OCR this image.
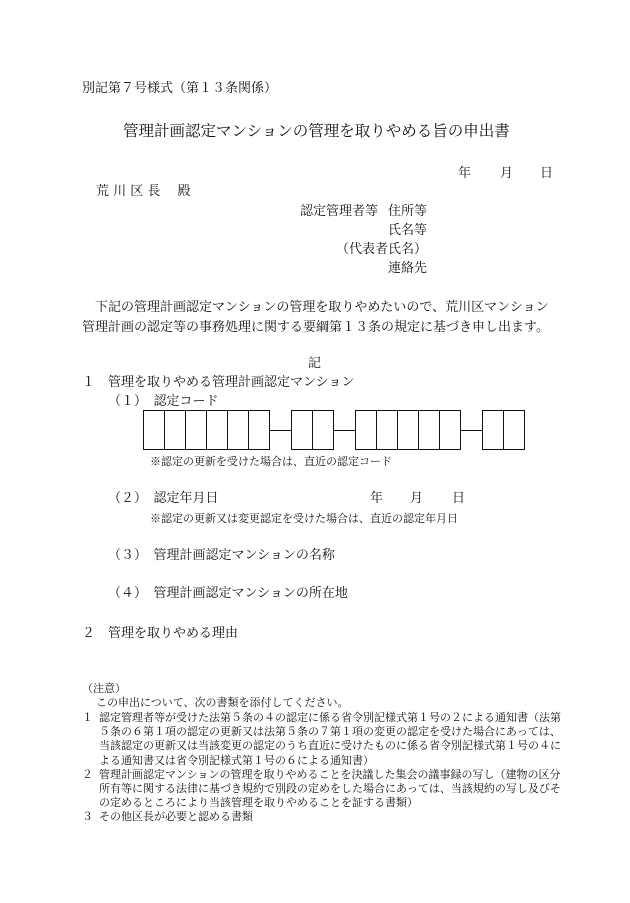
別記第７号様式（第１３条関係）
管理計画認定マンションの管理を取りやめる旨の申出書
年 月 日
荒 川 区 長　 殿
認定管理者等 住所等
氏名等
（代表者氏名）
連絡先
下記の管理計画認定マンションの管理を取りやめたいので、荒川区マンション管理計画の認定等の事務処理に関する要綱第１３条の規定に基づき申し出ます。
記
１　管理を取りやめる管理計画認定マンション
（１）　認定コード
※認定の更新を受けた場合は、直近の認定コード
（２）　認定年月日	年 月 日
※認定の更新又は変更認定を受けた場合は、直近の認定年月日
（３）　管理計画認定マンションの名称
（４）　管理計画認定マンションの所在地
２　管理を取りやめる理由
（注意）
この申出について、次の書類を添付してください。
１ 認定管理者等が受けた法第５条の４の認定に係る省令別記様式第１号の２による通知書（法第５条の６第１項の認定の更新又は法第５条の７第１項の変更の認定を受けた場合にあっては、当該認定の更新又は当該変更の認定のうち直近に受けたものに係る省令別記様式第１号の４による通知書又は省令別記様式第１号の６による通知書）
２ 管理計画認定マンションの管理を取りやめることを決議した集会の議事録の写し（建物の区分所有等に関する法律に基づき規約で別段の定めをした場合にあっては、当該規約の写し及びその定めるところにより当該管理を取りやめることを証する書類）
３ その他区長が必要と認める書類
